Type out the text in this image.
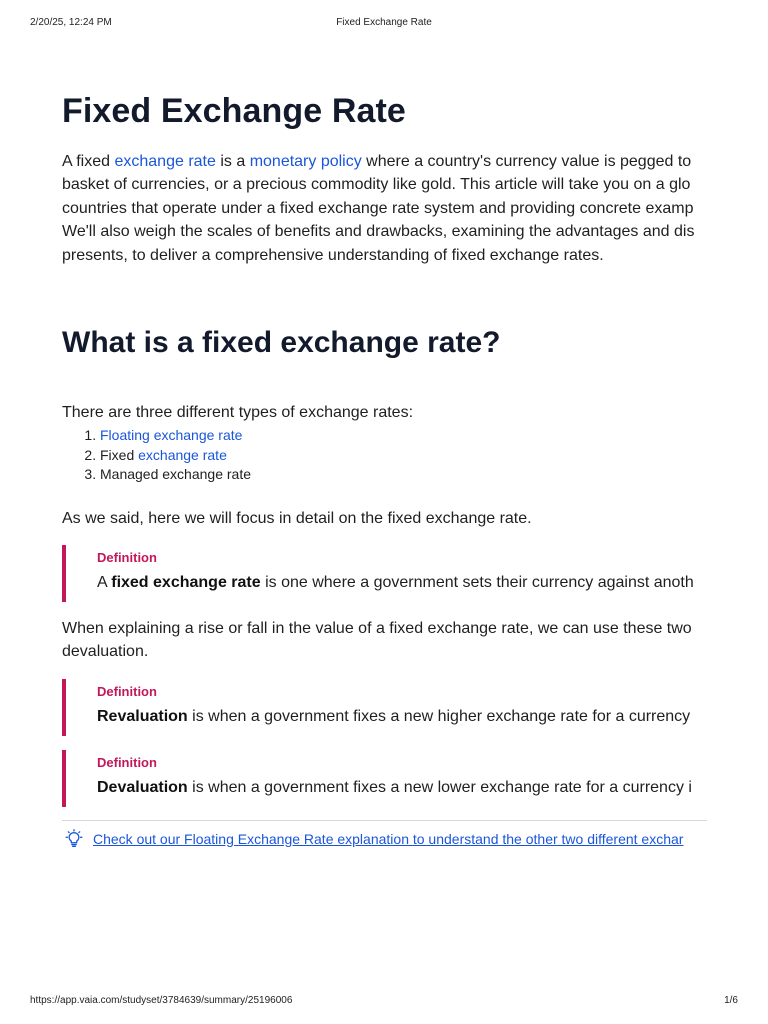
2/20/25, 12:24 PM	Fixed Exchange Rate
Fixed Exchange Rate
A fixed exchange rate is a monetary policy where a country's currency value is pegged to
basket of currencies, or a precious commodity like gold. This article will take you on a glo
countries that operate under a fixed exchange rate system and providing concrete examp
We'll also weigh the scales of benefits and drawbacks, examining the advantages and dis
presents, to deliver a comprehensive understanding of fixed exchange rates.
What is a fixed exchange rate?
There are three different types of exchange rates:
1. Floating exchange rate
2. Fixed exchange rate
3. Managed exchange rate
As we said, here we will focus in detail on the fixed exchange rate.
Definition
A fixed exchange rate is one where a government sets their currency against anoth
When explaining a rise or fall in the value of a fixed exchange rate, we can use these two
devaluation.
Definition
Revaluation is when a government fixes a new higher exchange rate for a currency
Definition
Devaluation is when a government fixes a new lower exchange rate for a currency i
Check out our Floating Exchange Rate explanation to understand the other two different exchar
https://app.vaia.com/studyset/3784639/summary/25196006	1/6
